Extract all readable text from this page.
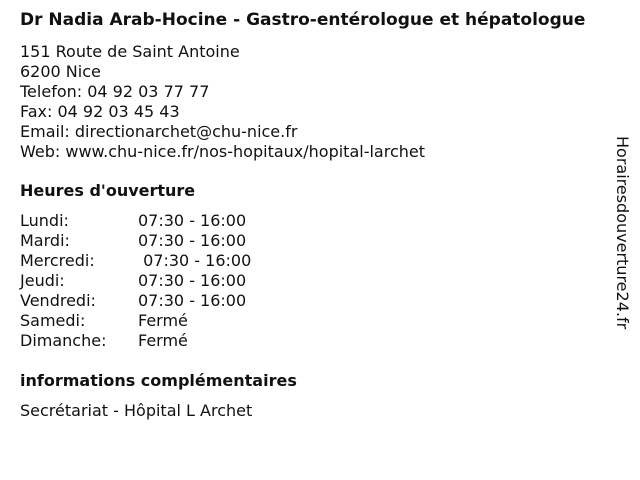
Dr Nadia Arab-Hocine - Gastro-entérologue et hépatologue
151 Route de Saint Antoine
6200 Nice
Telefon: 04 92 03 77 77
Fax: 04 92 03 45 43
Email: directionarchet@chu-nice.fr
Web: www.chu-nice.fr/nos-hopitaux/hopital-larchet
Heures d'ouverture
Lundi:	07:30 - 16:00
Mardi:	07:30 - 16:00
Mercredi:	07:30 - 16:00
Jeudi:	07:30 - 16:00
Vendredi:	07:30 - 16:00
Samedi:	Fermé
Dimanche:	Fermé
informations complémentaires
Secrétariat - Hôpital L Archet
Horairesdouverture24.fr
